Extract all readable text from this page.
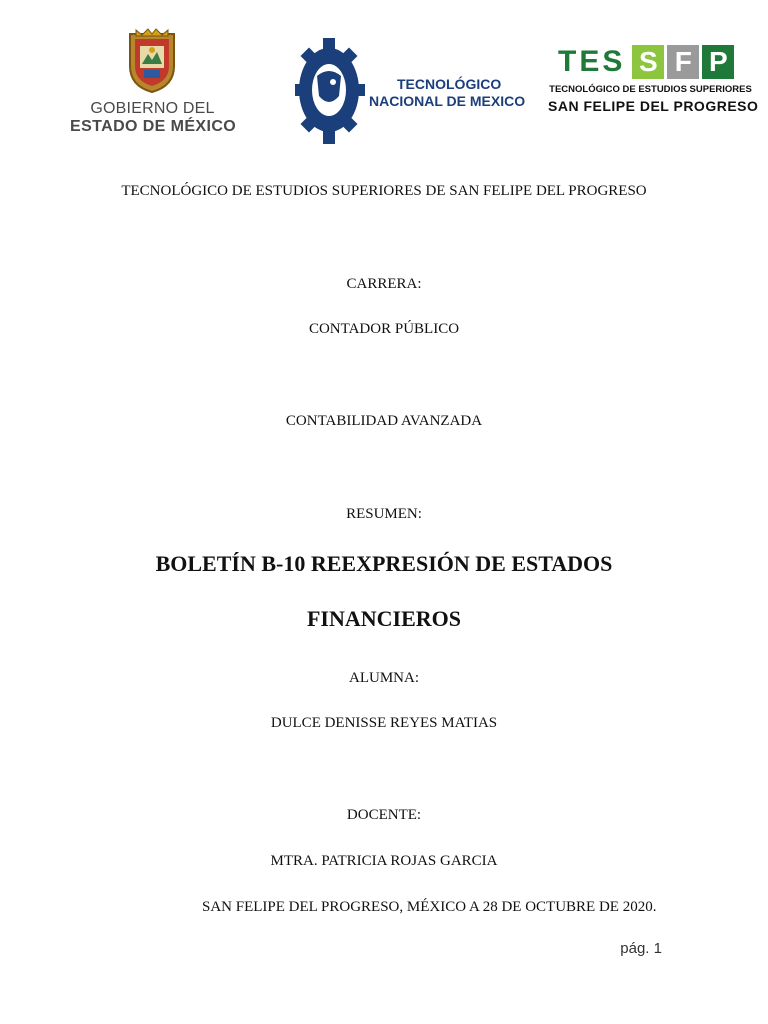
GOBIERNO DEL
ESTADO DE MÉXICO
TECNOLÓGICO
NACIONAL DE MEXICO
TES S F P
TECNOLÓGICO DE ESTUDIOS SUPERIORES
SAN FELIPE DEL PROGRESO
TECNOLÓGICO DE ESTUDIOS SUPERIORES DE SAN FELIPE DEL PROGRESO
CARRERA:
CONTADOR PÚBLICO
CONTABILIDAD AVANZADA
RESUMEN:
BOLETÍN B-10 REEXPRESIÓN DE ESTADOS
FINANCIEROS
ALUMNA:
DULCE DENISSE REYES MATIAS
DOCENTE:
MTRA. PATRICIA ROJAS GARCIA
SAN FELIPE DEL PROGRESO, MÉXICO A 28 DE OCTUBRE DE 2020.
pág. 1
